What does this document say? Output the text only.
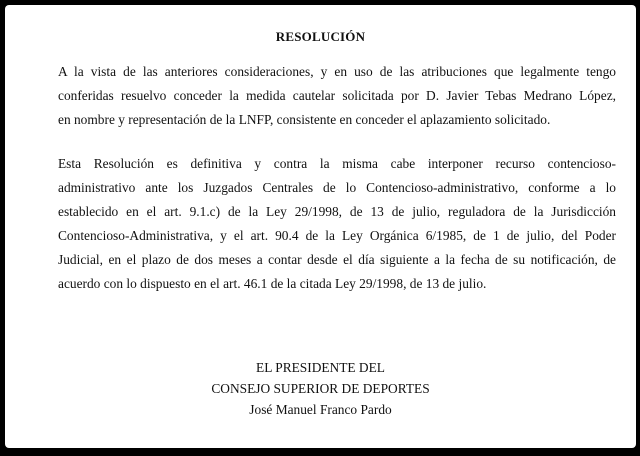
RESOLUCIÓN

A la vista de las anteriores consideraciones, y en uso de las atribuciones que legalmente tengo
conferidas resuelvo conceder la medida cautelar solicitada por D. Javier Tebas Medrano López,
en nombre y representación de la LNFP, consistente en conceder el aplazamiento solicitado.

Esta Resolución es definitiva y contra la misma cabe interponer recurso contencioso-
administrativo ante los Juzgados Centrales de lo Contencioso-administrativo, conforme a lo
establecido en el art. 9.1.c) de la Ley 29/1998, de 13 de julio, reguladora de la Jurisdicción
Contencioso-Administrativa, y el art. 90.4 de la Ley Orgánica 6/1985, de 1 de julio, del Poder
Judicial, en el plazo de dos meses a contar desde el día siguiente a la fecha de su notificación, de
acuerdo con lo dispuesto en el art. 46.1 de la citada Ley 29/1998, de 13 de julio.

EL PRESIDENTE DEL
CONSEJO SUPERIOR DE DEPORTES
José Manuel Franco Pardo
